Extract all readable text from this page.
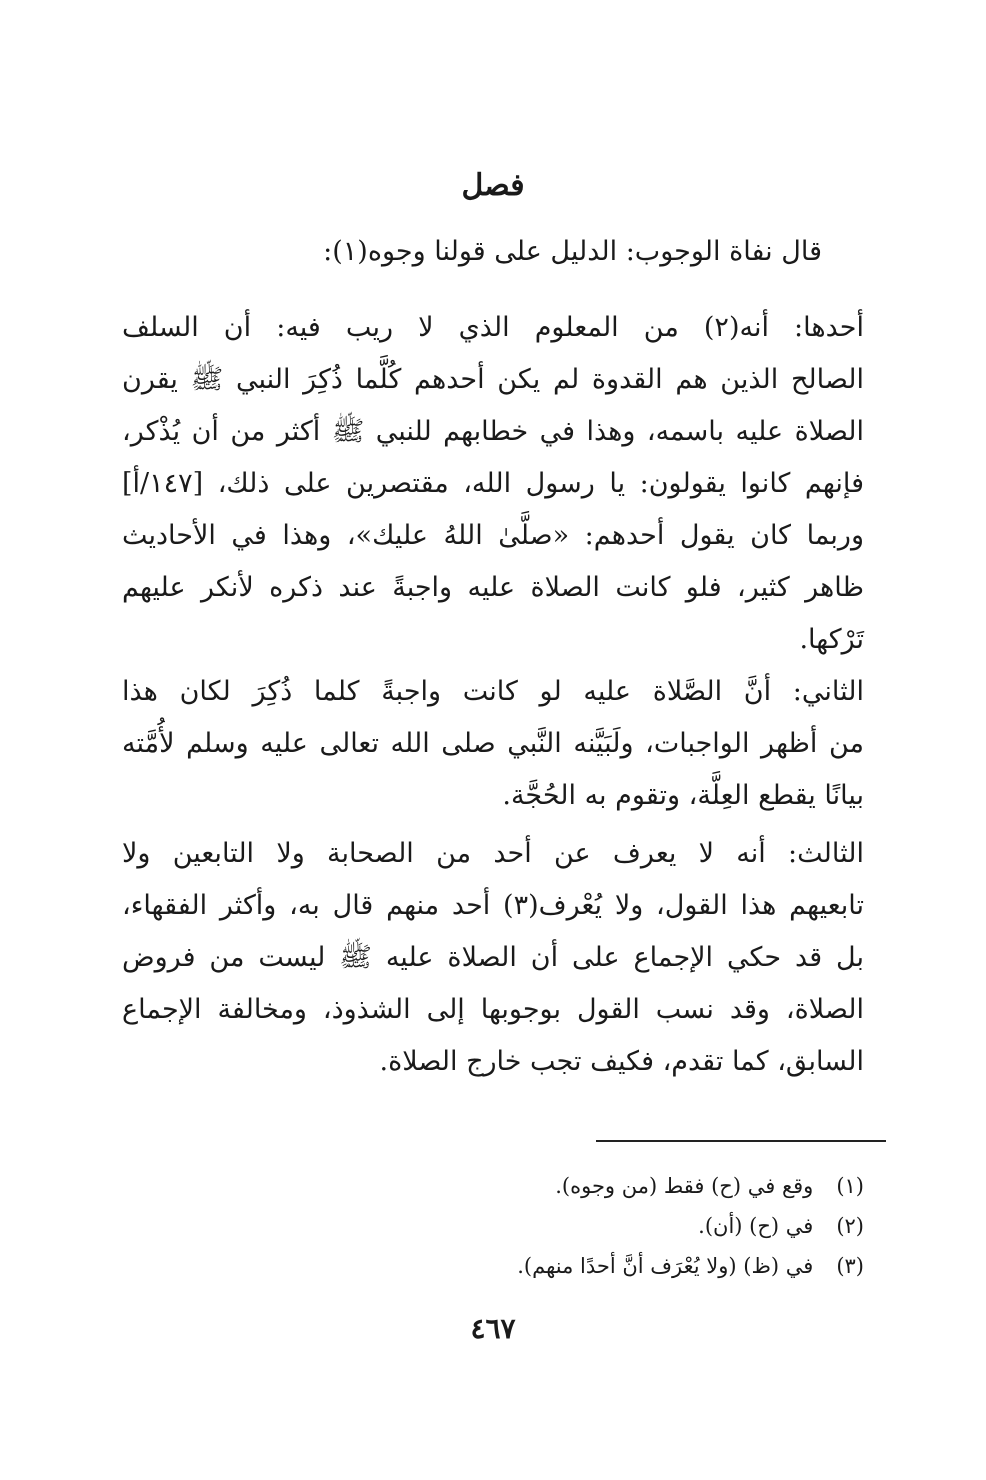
فصل
قال نفاة الوجوب: الدليل على قولنا وجوه(١):
أحدها: أنه(٢) من المعلوم الذي لا ريب فيه: أن السلف
الصالح الذين هم القدوة لم يكن أحدهم كُلَّما ذُكِرَ النبي ﷺ يقرن
الصلاة عليه باسمه، وهذا في خطابهم للنبي ﷺ أكثر من أن يُذْكر،
فإنهم كانوا يقولون: يا رسول الله، مقتصرين على ذلك، [١٤٧/أ]
وربما كان يقول أحدهم: «صلَّىٰ اللهُ عليك»، وهذا في الأحاديث
ظاهر كثير، فلو كانت الصلاة عليه واجبةً عند ذكره لأنكر عليهم
تَرْكها.
الثاني: أنَّ الصَّلاة عليه لو كانت واجبةً كلما ذُكِرَ لكان هذا
من أظهر الواجبات، ولَبَيَّنه النَّبي صلى الله تعالى عليه وسلم لأُمَّته
بيانًا يقطع العِلَّة، وتقوم به الحُجَّة.
الثالث: أنه لا يعرف عن أحد من الصحابة ولا التابعين ولا
تابعيهم هذا القول، ولا يُعْرف(٣) أحد منهم قال به، وأكثر الفقهاء،
بل قد حكي الإجماع على أن الصلاة عليه ﷺ ليست من فروض
الصلاة، وقد نسب القول بوجوبها إلى الشذوذ، ومخالفة الإجماع
السابق، كما تقدم، فكيف تجب خارج الصلاة.
(١) وقع في (ح) فقط (من وجوه).
(٢) في (ح) (أن).
(٣) في (ظ) (ولا يُعْرَف أنَّ أحدًا منهم).
٤٦٧
